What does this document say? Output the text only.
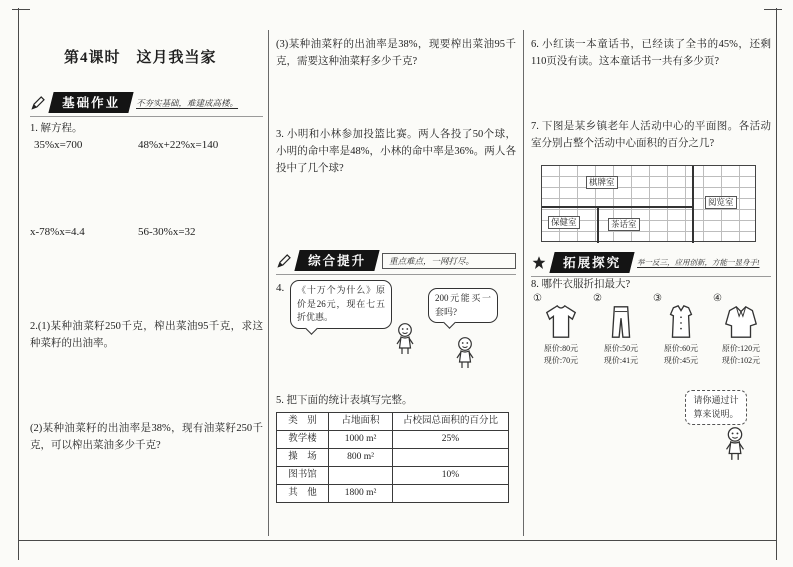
第4课时　这月我当家
基础作业	不夯实基础，难建成高楼。
1. 解方程。
35%x=700	48%x+22%x=140
x-78%x=4.4	56-30%x=32
2.(1)某种油菜籽250千克，榨出菜油95千克，求这种菜籽的出油率。
(2)某种油菜籽的出油率是38%，现有油菜籽250千克，可以榨出菜油多少千克?
(3)某种油菜籽的出油率是38%，现要榨出菜油95千克，需要这种油菜籽多少千克?
3. 小明和小林参加投篮比赛。两人各投了50个球，小明的命中率是48%，小林的命中率是36%。两人各投中了几个球?
综合提升	重点难点，一网打尽。
4.	《十万个为什么》原价是26元，现在七五折优惠。
200元能买一套吗?
5. 把下面的统计表填写完整。
类　别	占地面积	占校园总面积的百分比
教学楼	1000 m²	25%
操　场	800 m²	
图书馆		10%
其　他	1800 m²	
6. 小红读一本童话书，已经读了全书的45%，还剩110页没有读。这本童话书一共有多少页?
7. 下图是某乡镇老年人活动中心的平面图。各活动室分别占整个活动中心面积的百分之几?
棋牌室
阅览室
保健室	茶话室
拓展探究	举一反三，应用创新，方能一显身手!
8. 哪件衣服折扣最大?
①
原价:80元
现价:70元
②
原价:50元
现价:41元
③
原价:60元
现价:45元
④
原价:120元
现价:102元
请你通过计算来说明。
